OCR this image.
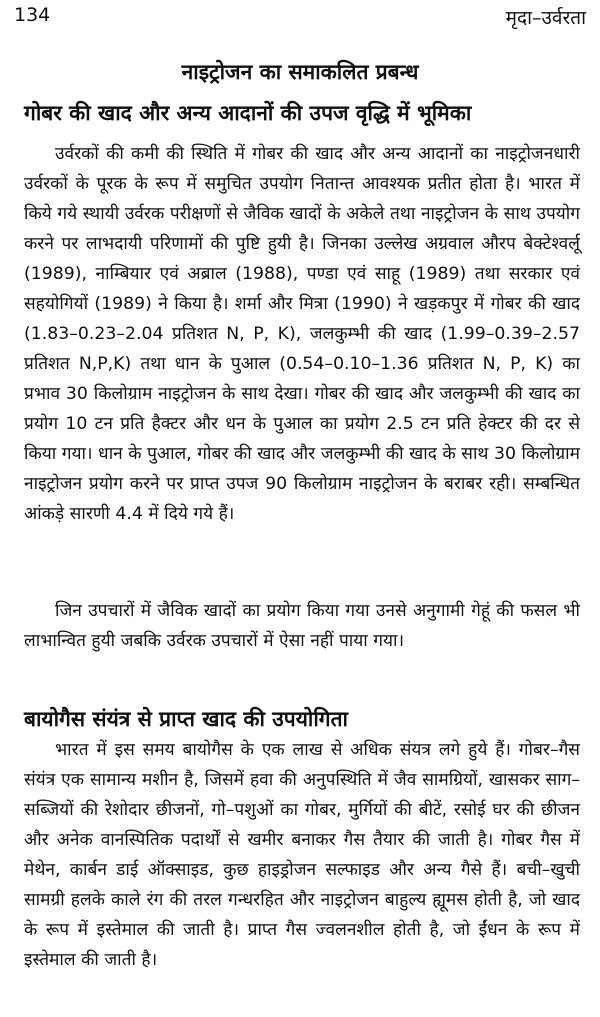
134	मृदा–उर्वरता
नाइट्रोजन का समाकलित प्रबन्ध
गोबर की खाद और अन्य आदानों की उपज वृद्धि में भूमिका

उर्वरकों की कमी की स्थिति में गोबर की खाद और अन्य आदानों का नाइट्रोजनधारी उर्वरकों के पूरक के रूप में समुचित उपयोग नितान्त आवश्यक प्रतीत होता है। भारत में किये गये स्थायी उर्वरक परीक्षणों से जैविक खादों के अकेले तथा नाइट्रोजन के साथ उपयोग करने पर लाभदायी परिणामों की पुष्टि हुयी है। जिनका उल्लेख अग्रवाल औरप बेक्टेश्वर्लू (1989), नाम्बियार एवं अब्राल (1988), पण्डा एवं साहू (1989) तथा सरकार एवं सहयोगियों (1989) ने किया है। शर्मा और मित्रा (1990) ने खड़कपुर में गोबर की खाद (1.83–0.23–2.04 प्रतिशत N, P, K), जलकुम्भी की खाद (1.99–0.39–2.57 प्रतिशत N,P,K) तथा धान के पुआल (0.54–0.10–1.36 प्रतिशत N, P, K) का प्रभाव 30 किलोग्राम नाइट्रोजन के साथ देखा। गोबर की खाद और जलकुम्भी की खाद का प्रयोग 10 टन प्रति हैक्टर और धन के पुआल का प्रयोग 2.5 टन प्रति हेक्टर की दर से किया गया। धान के पुआल, गोबर की खाद और जलकुम्भी की खाद के साथ 30 किलोग्राम नाइट्रोजन प्रयोग करने पर प्राप्त उपज 90 किलोग्राम नाइट्रोजन के बराबर रही। सम्बन्धित आंकड़े सारणी 4.4 में दिये गये हैं।

जिन उपचारों में जैविक खादों का प्रयोग किया गया उनसे अनुगामी गेहूं की फसल भी लाभान्वित हुयी जबकि उर्वरक उपचारों में ऐसा नहीं पाया गया।

बायोगैस संयंत्र से प्राप्त खाद की उपयोगिता

भारत में इस समय बायोगैस के एक लाख से अधिक संयत्र लगे हुये हैं। गोबर–गैस संयंत्र एक सामान्य मशीन है, जिसमें हवा की अनुपस्थिति में जैव सामग्रियों, खासकर साग–सब्जियों की रेशोदार छीजनों, गो–पशुओं का गोबर, मुर्गियों की बीटें, रसोई घर की छीजन और अनेक वानस्पितिक पदार्थों से खमीर बनाकर गैस तैयार की जाती है। गोबर गैस में मेथेन, कार्बन डाई ऑक्साइड, कुछ हाइड्रोजन सल्फाइड और अन्य गैसे हैं। बची–खुची सामग्री हलके काले रंग की तरल गन्धरहित और नाइट्रोजन बाहुल्य ह्यूमस होती है, जो खाद के रूप में इस्तेमाल की जाती है। प्राप्त गैस ज्वलनशील होती है, जो ईंधन के रूप में इस्तेमाल की जाती है।
